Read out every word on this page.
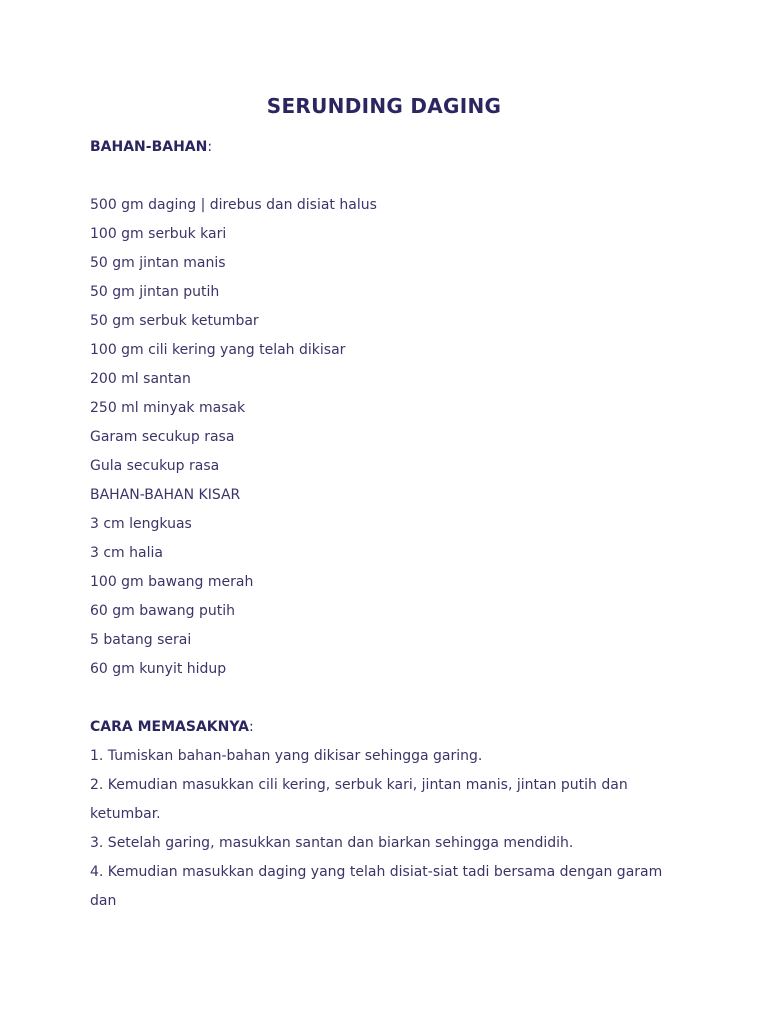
SERUNDING DAGING

BAHAN-BAHAN:

500 gm daging | direbus dan disiat halus

100 gm serbuk kari

50 gm jintan manis

50 gm jintan putih

50 gm serbuk ketumbar

100 gm cili kering yang telah dikisar

200 ml santan

250 ml minyak masak

Garam secukup rasa

Gula secukup rasa

BAHAN-BAHAN KISAR

3 cm lengkuas

3 cm halia

100 gm bawang merah

60 gm bawang putih

5 batang serai

60 gm kunyit hidup

CARA MEMASAKNYA:

1. Tumiskan bahan-bahan yang dikisar sehingga garing.

2. Kemudian masukkan cili kering, serbuk kari, jintan manis, jintan putih dan ketumbar.

3. Setelah garing, masukkan santan dan biarkan sehingga mendidih.

4. Kemudian masukkan daging yang telah disiat-siat tadi bersama dengan garam dan
